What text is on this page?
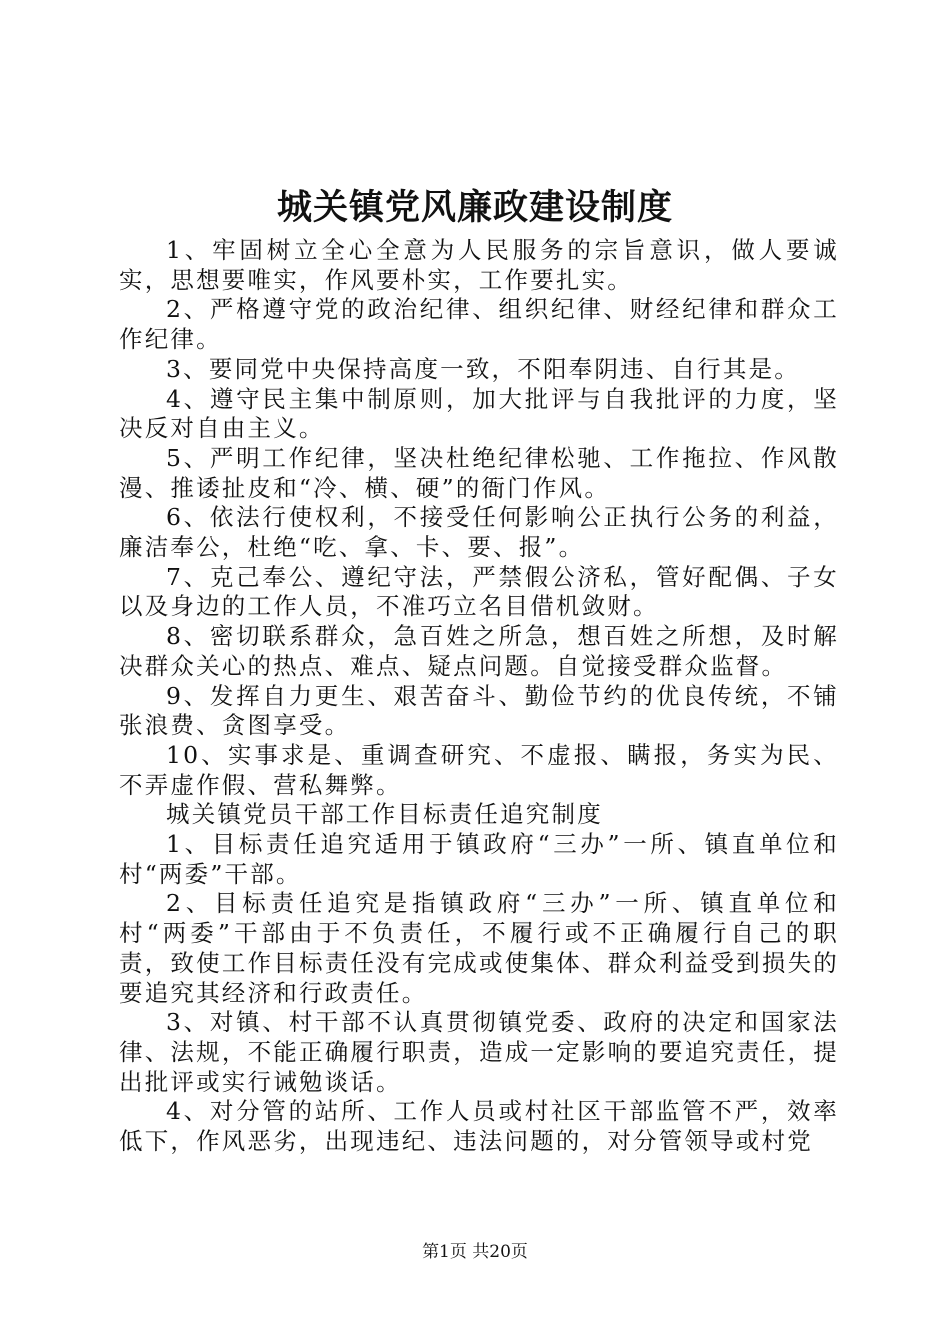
城关镇党风廉政建设制度

1、牢固树立全心全意为人民服务的宗旨意识，做人要诚实，思想要唯实，作风要朴实，工作要扎实。

2、严格遵守党的政治纪律、组织纪律、财经纪律和群众工作纪律。

3、要同党中央保持高度一致，不阳奉阴违、自行其是。

4、遵守民主集中制原则，加大批评与自我批评的力度，坚决反对自由主义。

5、严明工作纪律，坚决杜绝纪律松驰、工作拖拉、作风散漫、推诿扯皮和“冷、横、硬”的衙门作风。

6、依法行使权利，不接受任何影响公正执行公务的利益，廉洁奉公，杜绝“吃、拿、卡、要、报”。

7、克己奉公、遵纪守法，严禁假公济私，管好配偶、子女以及身边的工作人员，不准巧立名目借机敛财。

8、密切联系群众，急百姓之所急，想百姓之所想，及时解决群众关心的热点、难点、疑点问题。自觉接受群众监督。

9、发挥自力更生、艰苦奋斗、勤俭节约的优良传统，不铺张浪费、贪图享受。

10、实事求是、重调查研究、不虚报、瞒报，务实为民、不弄虚作假、营私舞弊。

城关镇党员干部工作目标责任追究制度

1、目标责任追究适用于镇政府“三办”一所、镇直单位和村“两委”干部。

2、目标责任追究是指镇政府“三办”一所、镇直单位和村“两委”干部由于不负责任，不履行或不正确履行自己的职责，致使工作目标责任没有完成或使集体、群众利益受到损失的要追究其经济和行政责任。

3、对镇、村干部不认真贯彻镇党委、政府的决定和国家法律、法规，不能正确履行职责，造成一定影响的要追究责任，提出批评或实行诫勉谈话。

4、对分管的站所、工作人员或村社区干部监管不严，效率低下，作风恶劣，出现违纪、违法问题的，对分管领导或村党

第1页 共20页
